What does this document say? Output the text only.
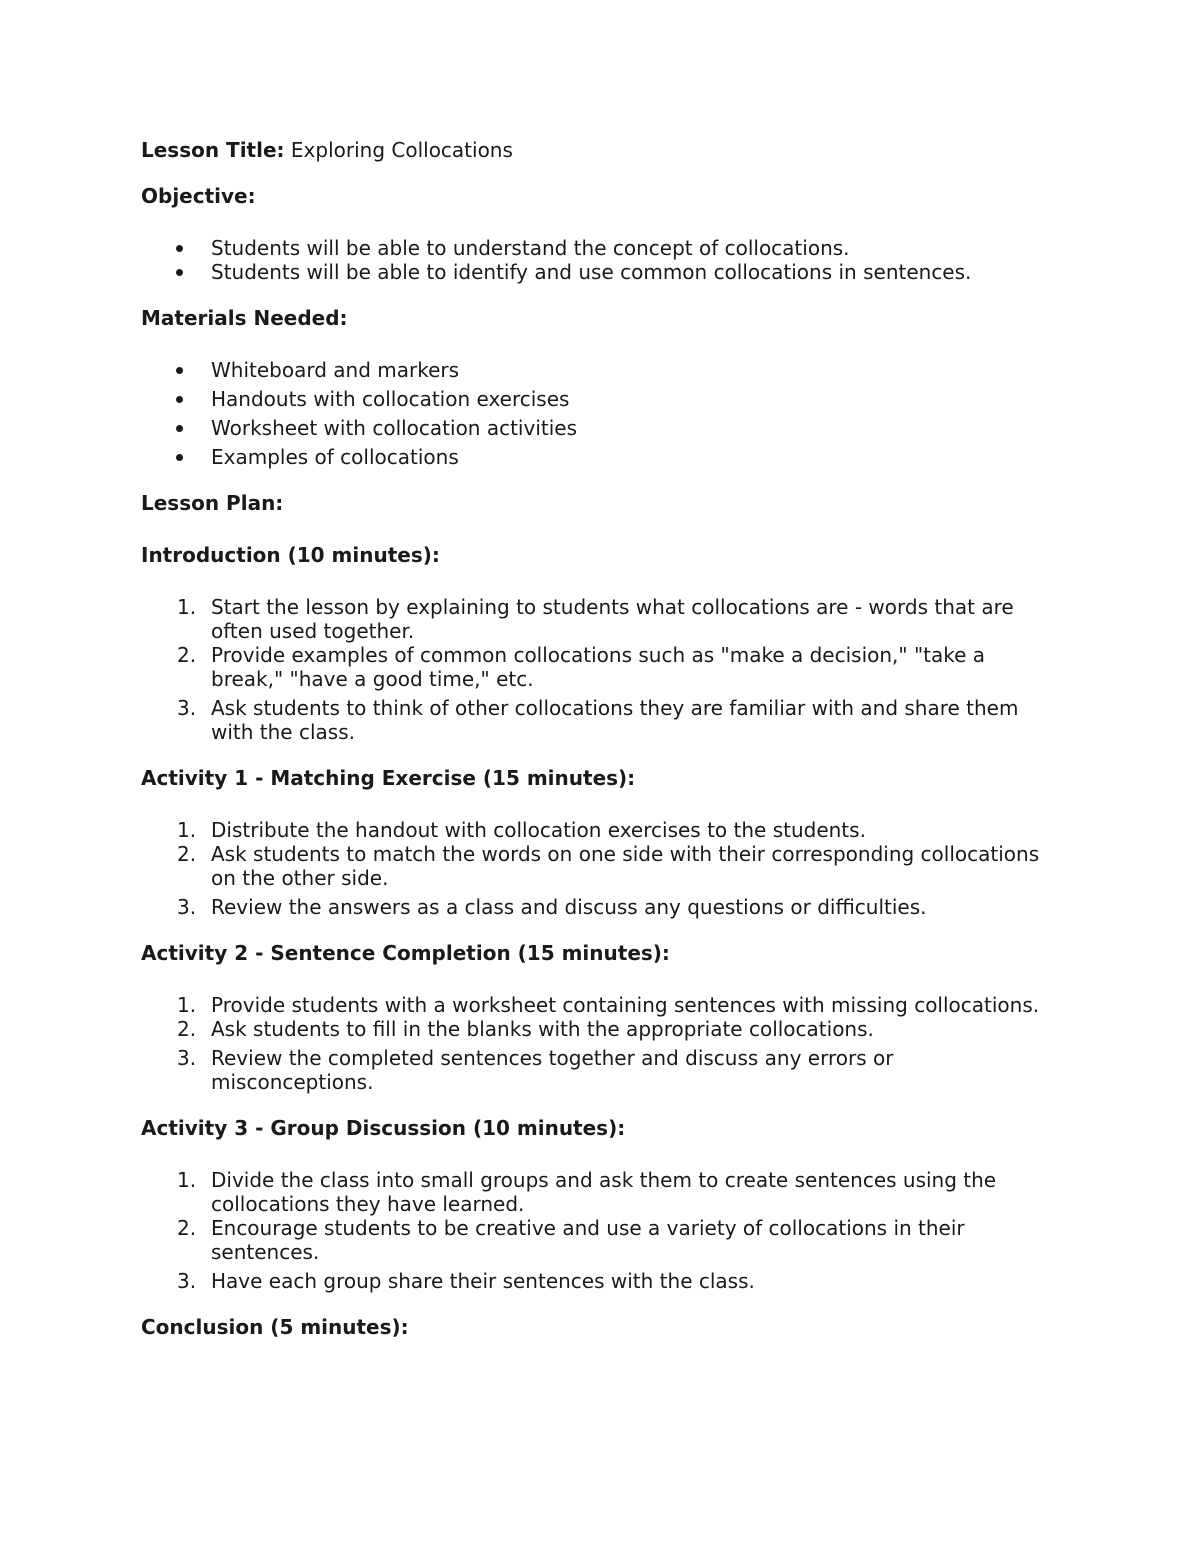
Lesson Title: Exploring Collocations

Objective:

Students will be able to understand the concept of collocations.
Students will be able to identify and use common collocations in sentences.

Materials Needed:

Whiteboard and markers
Handouts with collocation exercises
Worksheet with collocation activities
Examples of collocations

Lesson Plan:

Introduction (10 minutes):

1. Start the lesson by explaining to students what collocations are - words that are often used together.
2. Provide examples of common collocations such as "make a decision," "take a break," "have a good time," etc.
3. Ask students to think of other collocations they are familiar with and share them with the class.

Activity 1 - Matching Exercise (15 minutes):

1. Distribute the handout with collocation exercises to the students.
2. Ask students to match the words on one side with their corresponding collocations on the other side.
3. Review the answers as a class and discuss any questions or difficulties.

Activity 2 - Sentence Completion (15 minutes):

1. Provide students with a worksheet containing sentences with missing collocations.
2. Ask students to fill in the blanks with the appropriate collocations.
3. Review the completed sentences together and discuss any errors or misconceptions.

Activity 3 - Group Discussion (10 minutes):

1. Divide the class into small groups and ask them to create sentences using the collocations they have learned.
2. Encourage students to be creative and use a variety of collocations in their sentences.
3. Have each group share their sentences with the class.

Conclusion (5 minutes):
